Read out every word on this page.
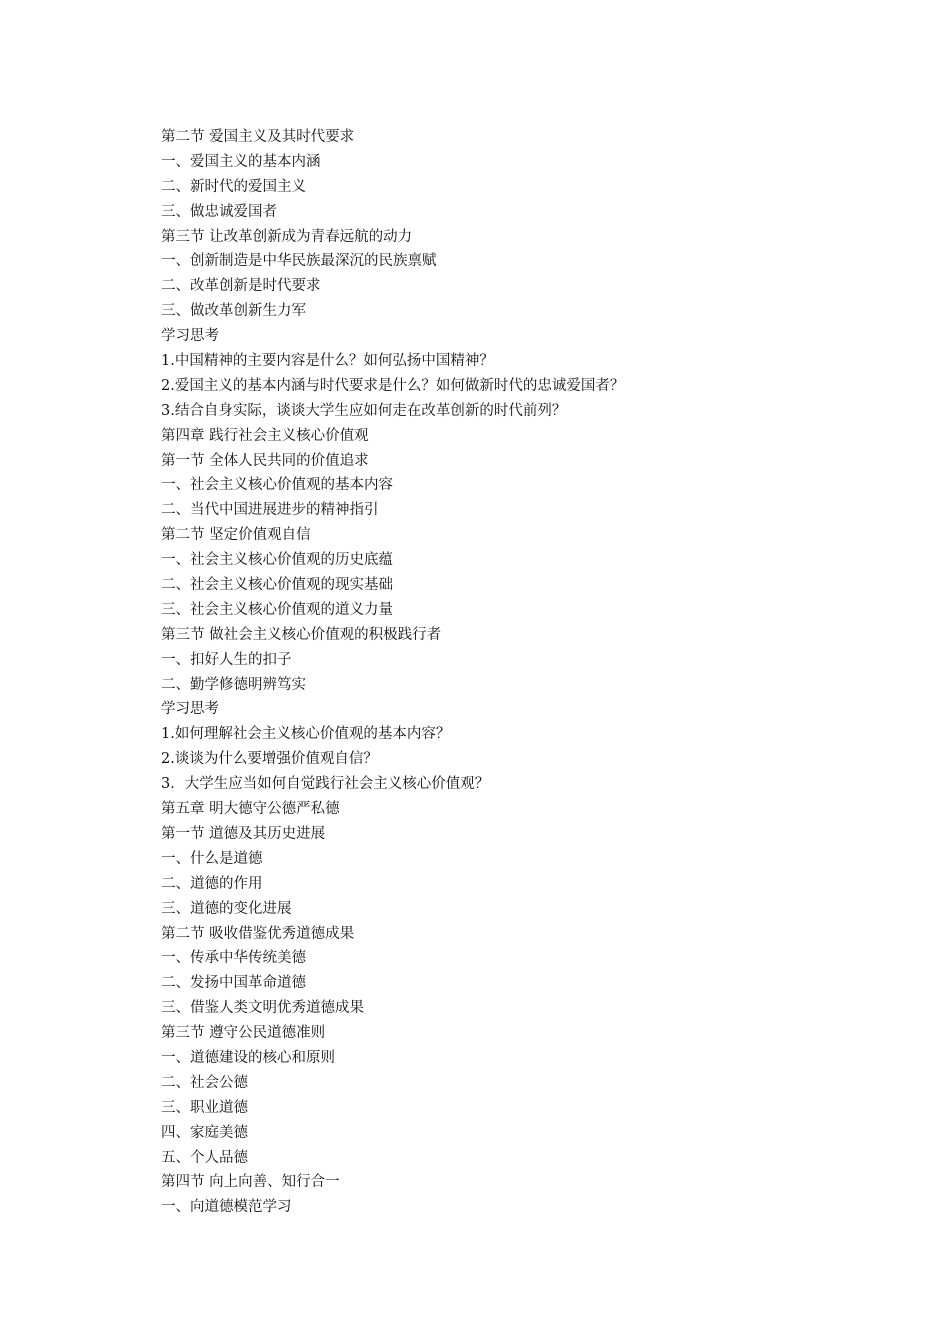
第二节 爱国主义及其时代要求
一、爱国主义的基本内涵
二、新时代的爱国主义
三、做忠诚爱国者
第三节 让改革创新成为青春远航的动力
一、创新制造是中华民族最深沉的民族禀赋
二、改革创新是时代要求
三、做改革创新生力军
学习思考
1.中国精神的主要内容是什么？如何弘扬中国精神？
2.爱国主义的基本内涵与时代要求是什么？如何做新时代的忠诚爱国者？
3.结合自身实际，谈谈大学生应如何走在改革创新的时代前列？
第四章 践行社会主义核心价值观
第一节 全体人民共同的价值追求
一、社会主义核心价值观的基本内容
二、当代中国进展进步的精神指引
第二节 坚定价值观自信
一、社会主义核心价值观的历史底蕴
二、社会主义核心价值观的现实基础
三、社会主义核心价值观的道义力量
第三节 做社会主义核心价值观的积极践行者
一、扣好人生的扣子
二、勤学修德明辨笃实
学习思考
1.如何理解社会主义核心价值观的基本内容？
2.谈谈为什么要增强价值观自信？
3．大学生应当如何自觉践行社会主义核心价值观？
第五章 明大德守公德严私德
第一节 道德及其历史进展
一、什么是道德
二、道德的作用
三、道德的变化进展
第二节 吸收借鉴优秀道德成果
一、传承中华传统美德
二、发扬中国革命道德
三、借鉴人类文明优秀道德成果
第三节 遵守公民道德准则
一、道德建设的核心和原则
二、社会公德
三、职业道德
四、家庭美德
五、个人品德
第四节 向上向善、知行合一
一、向道德模范学习
